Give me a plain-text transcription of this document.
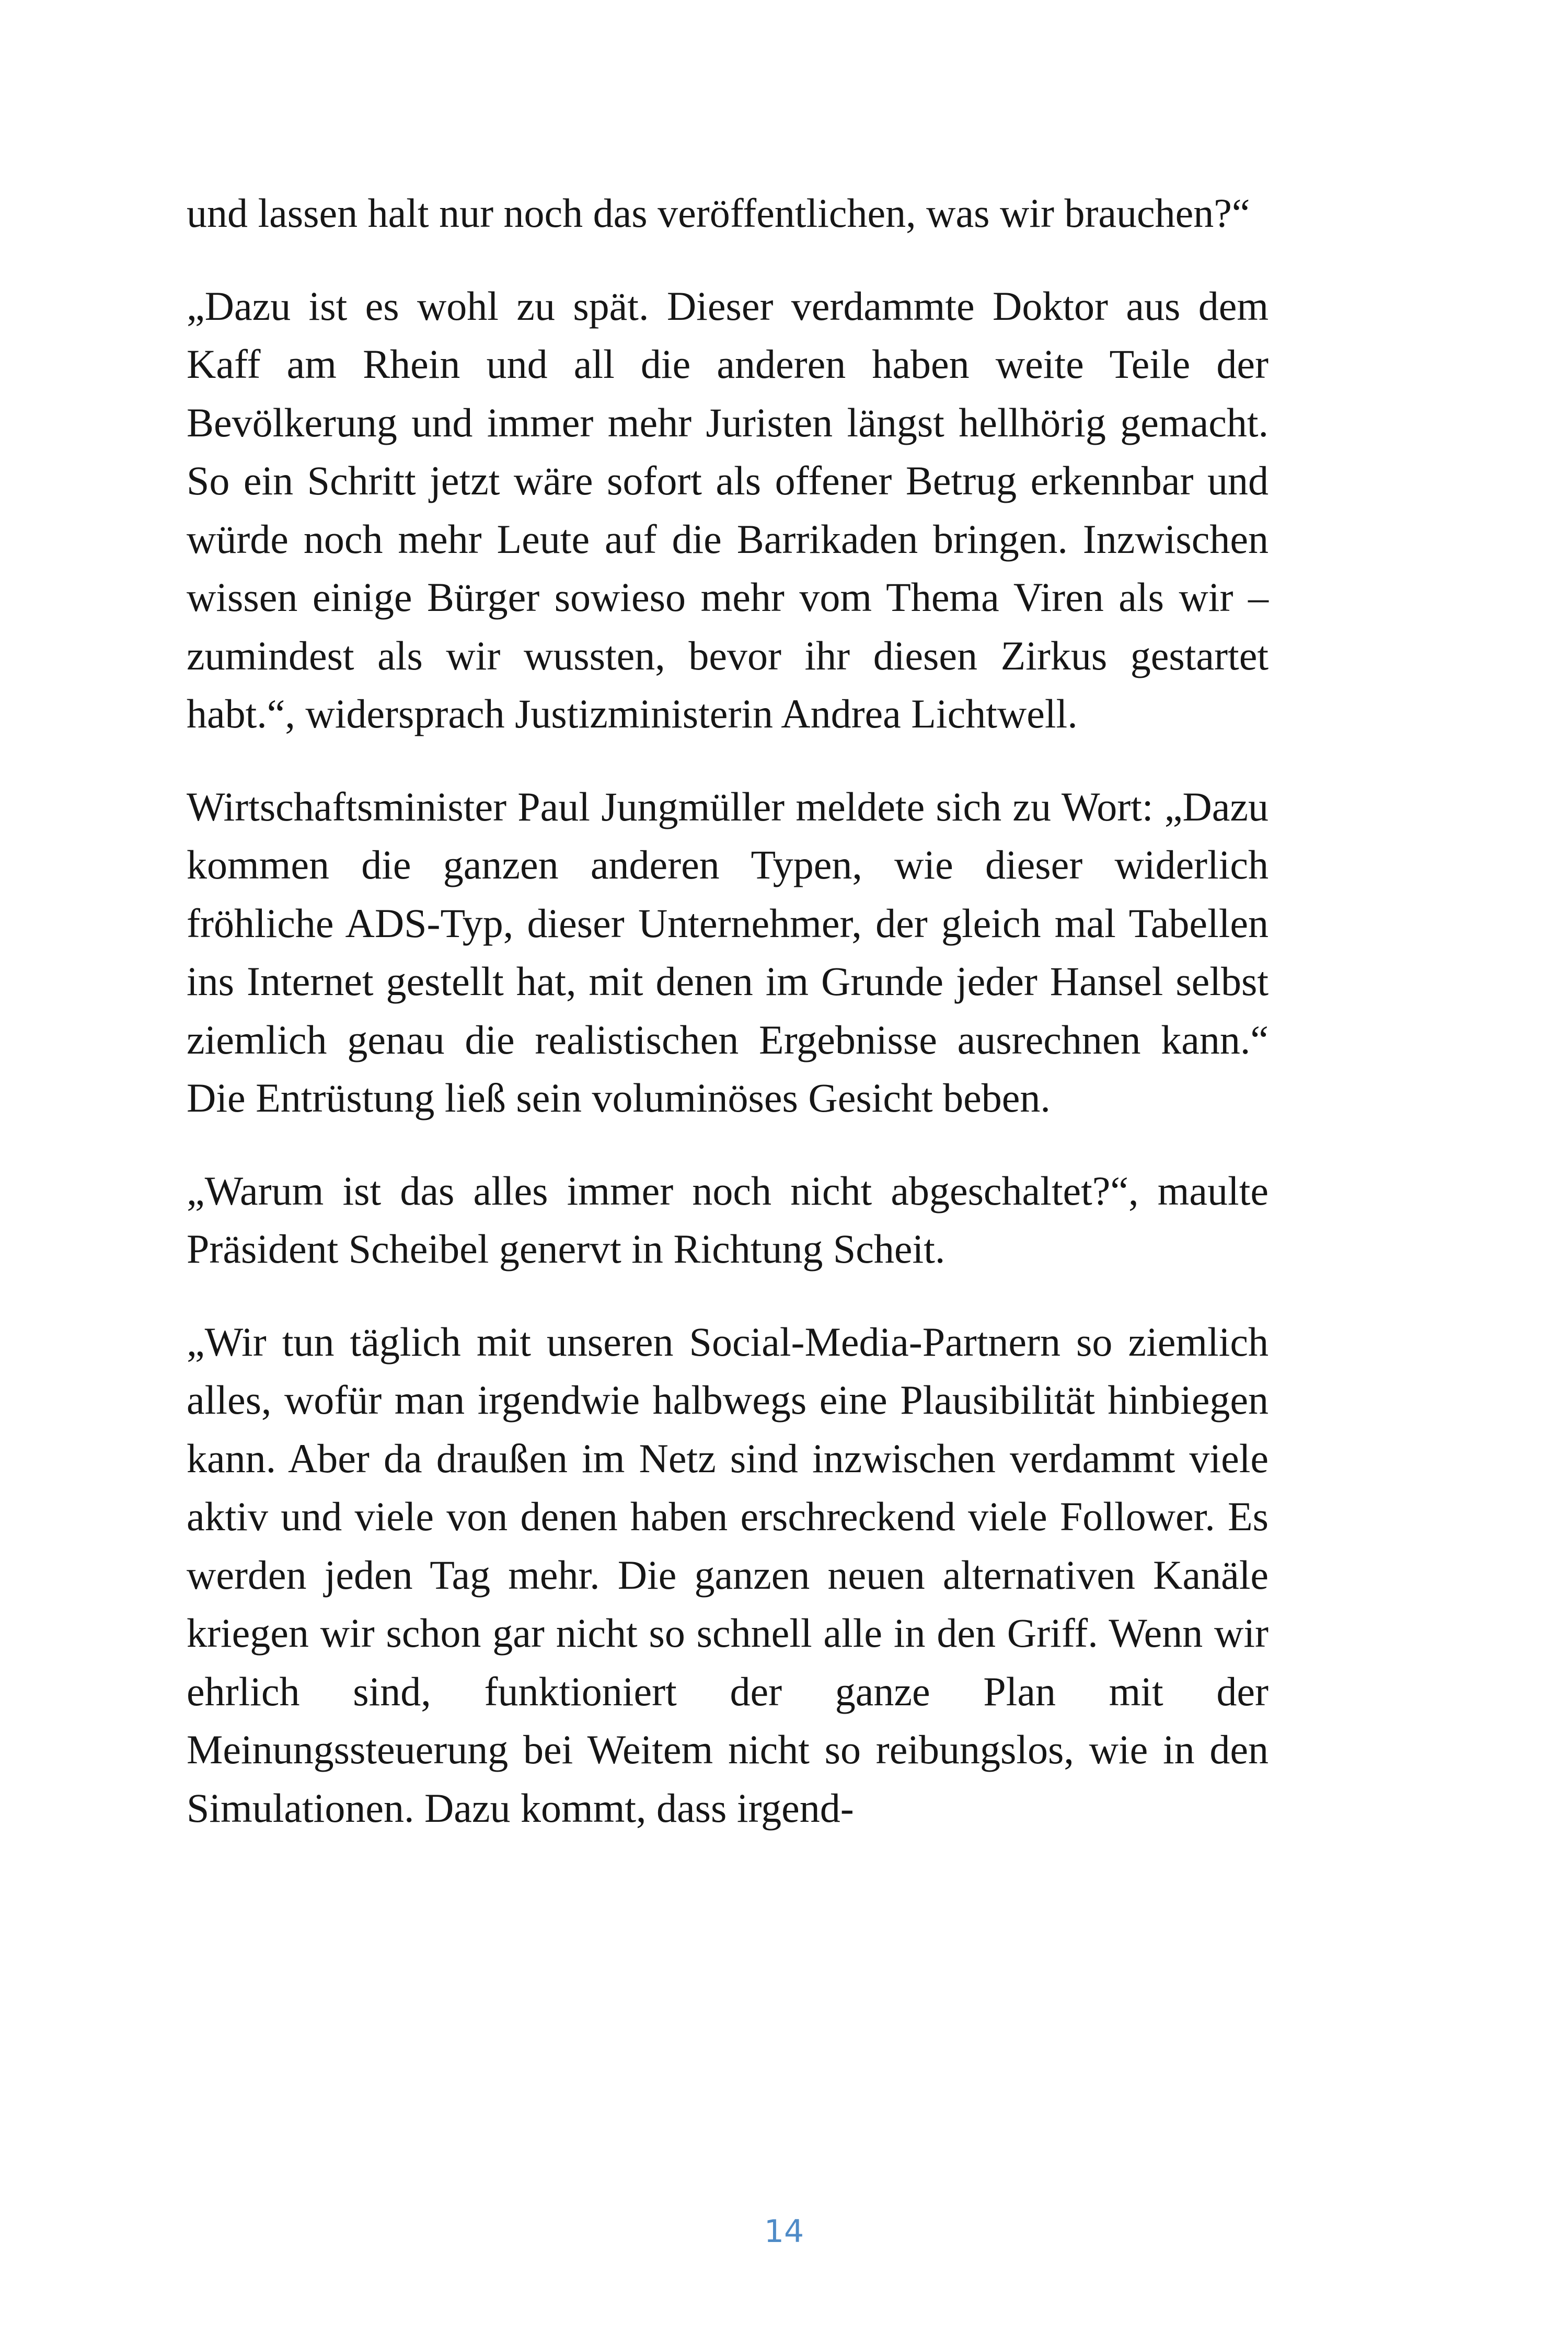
und lassen halt nur noch das veröffentlichen, was wir brauchen?“

„Dazu ist es wohl zu spät. Dieser verdammte Doktor aus dem Kaff am Rhein und all die anderen haben weite Teile der Bevölkerung und immer mehr Juristen längst hellhörig gemacht. So ein Schritt jetzt wäre sofort als offener Betrug erkennbar und würde noch mehr Leute auf die Barrikaden bringen. Inzwischen wissen einige Bürger sowieso mehr vom Thema Viren als wir – zumindest als wir wussten, bevor ihr diesen Zirkus gestartet habt.“, widersprach Justizministerin Andrea Lichtwell.

Wirtschaftsminister Paul Jungmüller meldete sich zu Wort: „Dazu kommen die ganzen anderen Typen, wie dieser widerlich fröhliche ADS-Typ, dieser Unternehmer, der gleich mal Tabellen ins Internet gestellt hat, mit denen im Grunde jeder Hansel selbst ziemlich genau die realistischen Ergebnisse ausrechnen kann.“ Die Entrüstung ließ sein voluminöses Gesicht beben.

„Warum ist das alles immer noch nicht abgeschaltet?“, maulte Präsident Scheibel genervt in Richtung Scheit.

„Wir tun täglich mit unseren Social-Media-Partnern so ziemlich alles, wofür man irgendwie halbwegs eine Plausibilität hinbiegen kann. Aber da draußen im Netz sind inzwischen verdammt viele aktiv und viele von denen haben erschreckend viele Follower. Es werden jeden Tag mehr. Die ganzen neuen alternativen Kanäle kriegen wir schon gar nicht so schnell alle in den Griff. Wenn wir ehrlich sind, funktioniert der ganze Plan mit der Meinungssteuerung bei Weitem nicht so reibungslos, wie in den Simulationen. Dazu kommt, dass irgend-

14
